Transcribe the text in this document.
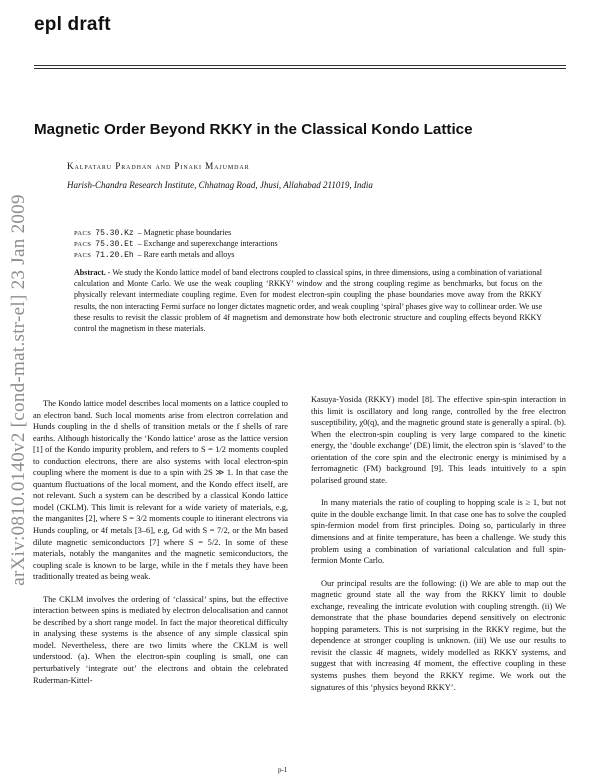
epl draft
Magnetic Order Beyond RKKY in the Classical Kondo Lattice
Kalpataru Pradhan and Pinaki Majumdar
Harish-Chandra Research Institute, Chhatnag Road, Jhusi, Allahabad 211019, India
PACS 75.30.Kz – Magnetic phase boundaries
PACS 75.30.Et – Exchange and superexchange interactions
PACS 71.20.Eh – Rare earth metals and alloys
Abstract. - We study the Kondo lattice model of band electrons coupled to classical spins, in three dimensions, using a combination of variational calculation and Monte Carlo. We use the weak coupling ‘RKKY’ window and the strong coupling regime as benchmarks, but focus on the physically relevant intermediate coupling regime. Even for modest electron-spin coupling the phase boundaries move away from the RKKY results, the non interacting Fermi surface no longer dictates magnetic order, and weak coupling ‘spiral’ phases give way to collinear order. We use these results to revisit the classic problem of 4f magnetism and demonstrate how both electronic structure and coupling effects beyond RKKY control the magnetism in these materials.
arXiv:0810.0140v2 [cond-mat.str-el] 23 Jan 2009	The Kondo lattice model describes local moments on a lattice coupled to an electron band. Such local moments arise from electron correlation and Hunds coupling in the d shells of transition metals or the f shells of rare earths. Although historically the ‘Kondo lattice’ arose as the lattice version [1] of the Kondo impurity problem, and refers to S = 1/2 moments coupled to conduction electrons, there are also systems with local electron-spin coupling where the moment is due to a spin with 2S ≫ 1. In that case the quantum fluctuations of the local moment, and the Kondo effect itself, are not relevant. Such a system can be described by a classical Kondo lattice model (CKLM). This limit is relevant for a wide variety of materials, e.g, the manganites [2], where S = 3/2 moments couple to itinerant electrons via Hunds coupling, or 4f metals [3–6], e.g, Gd with S = 7/2, or the Mn based dilute magnetic semiconductors [7] where S = 5/2. In some of these materials, notably the manganites and the magnetic semiconductors, the coupling scale is known to be large, while in the f metals they have been traditionally treated as being weak.

The CKLM involves the ordering of ‘classical’ spins, but the effective interaction between spins is mediated by electron delocalisation and cannot be described by a short range model. In fact the major theoretical difficulty in analysing these systems is the absence of any simple classical spin model. Nevertheless, there are two limits where the CKLM is well understood. (a). When the electron-spin coupling is small, one can perturbatively ‘integrate out’ the electrons and obtain the celebrated Ruderman-Kittel-

Kasuya-Yosida (RKKY) model [8]. The effective spin-spin interaction in this limit is oscillatory and long range, controlled by the free electron susceptibility, χ0(q), and the magnetic ground state is generally a spiral. (b). When the electron-spin coupling is very large compared to the kinetic energy, the ‘double exchange’ (DE) limit, the electron spin is ‘slaved’ to the orientation of the core spin and the electronic energy is minimised by a ferromagnetic (FM) background [9]. This leads intuitively to a spin polarised ground state.

In many materials the ratio of coupling to hopping scale is ≥ 1, but not quite in the double exchange limit. In that case one has to solve the coupled spin-fermion model from first principles. Doing so, particularly in three dimensions and at finite temperature, has been a challenge. We study this problem using a combination of variational calculation and full spin-fermion Monte Carlo.

Our principal results are the following: (i) We are able to map out the magnetic ground state all the way from the RKKY limit to double exchange, revealing the intricate evolution with coupling strength. (ii) We demonstrate that the phase boundaries depend sensitively on electronic hopping parameters. This is not surprising in the RKKY regime, but the dependence at stronger coupling is unknown. (iii) We use our results to revisit the classic 4f magnets, widely modelled as RKKY systems, and suggest that with increasing 4f moment, the effective coupling in these systems pushes them beyond the RKKY regime. We work out the signatures of this ‘physics beyond RKKY’.

p-1
